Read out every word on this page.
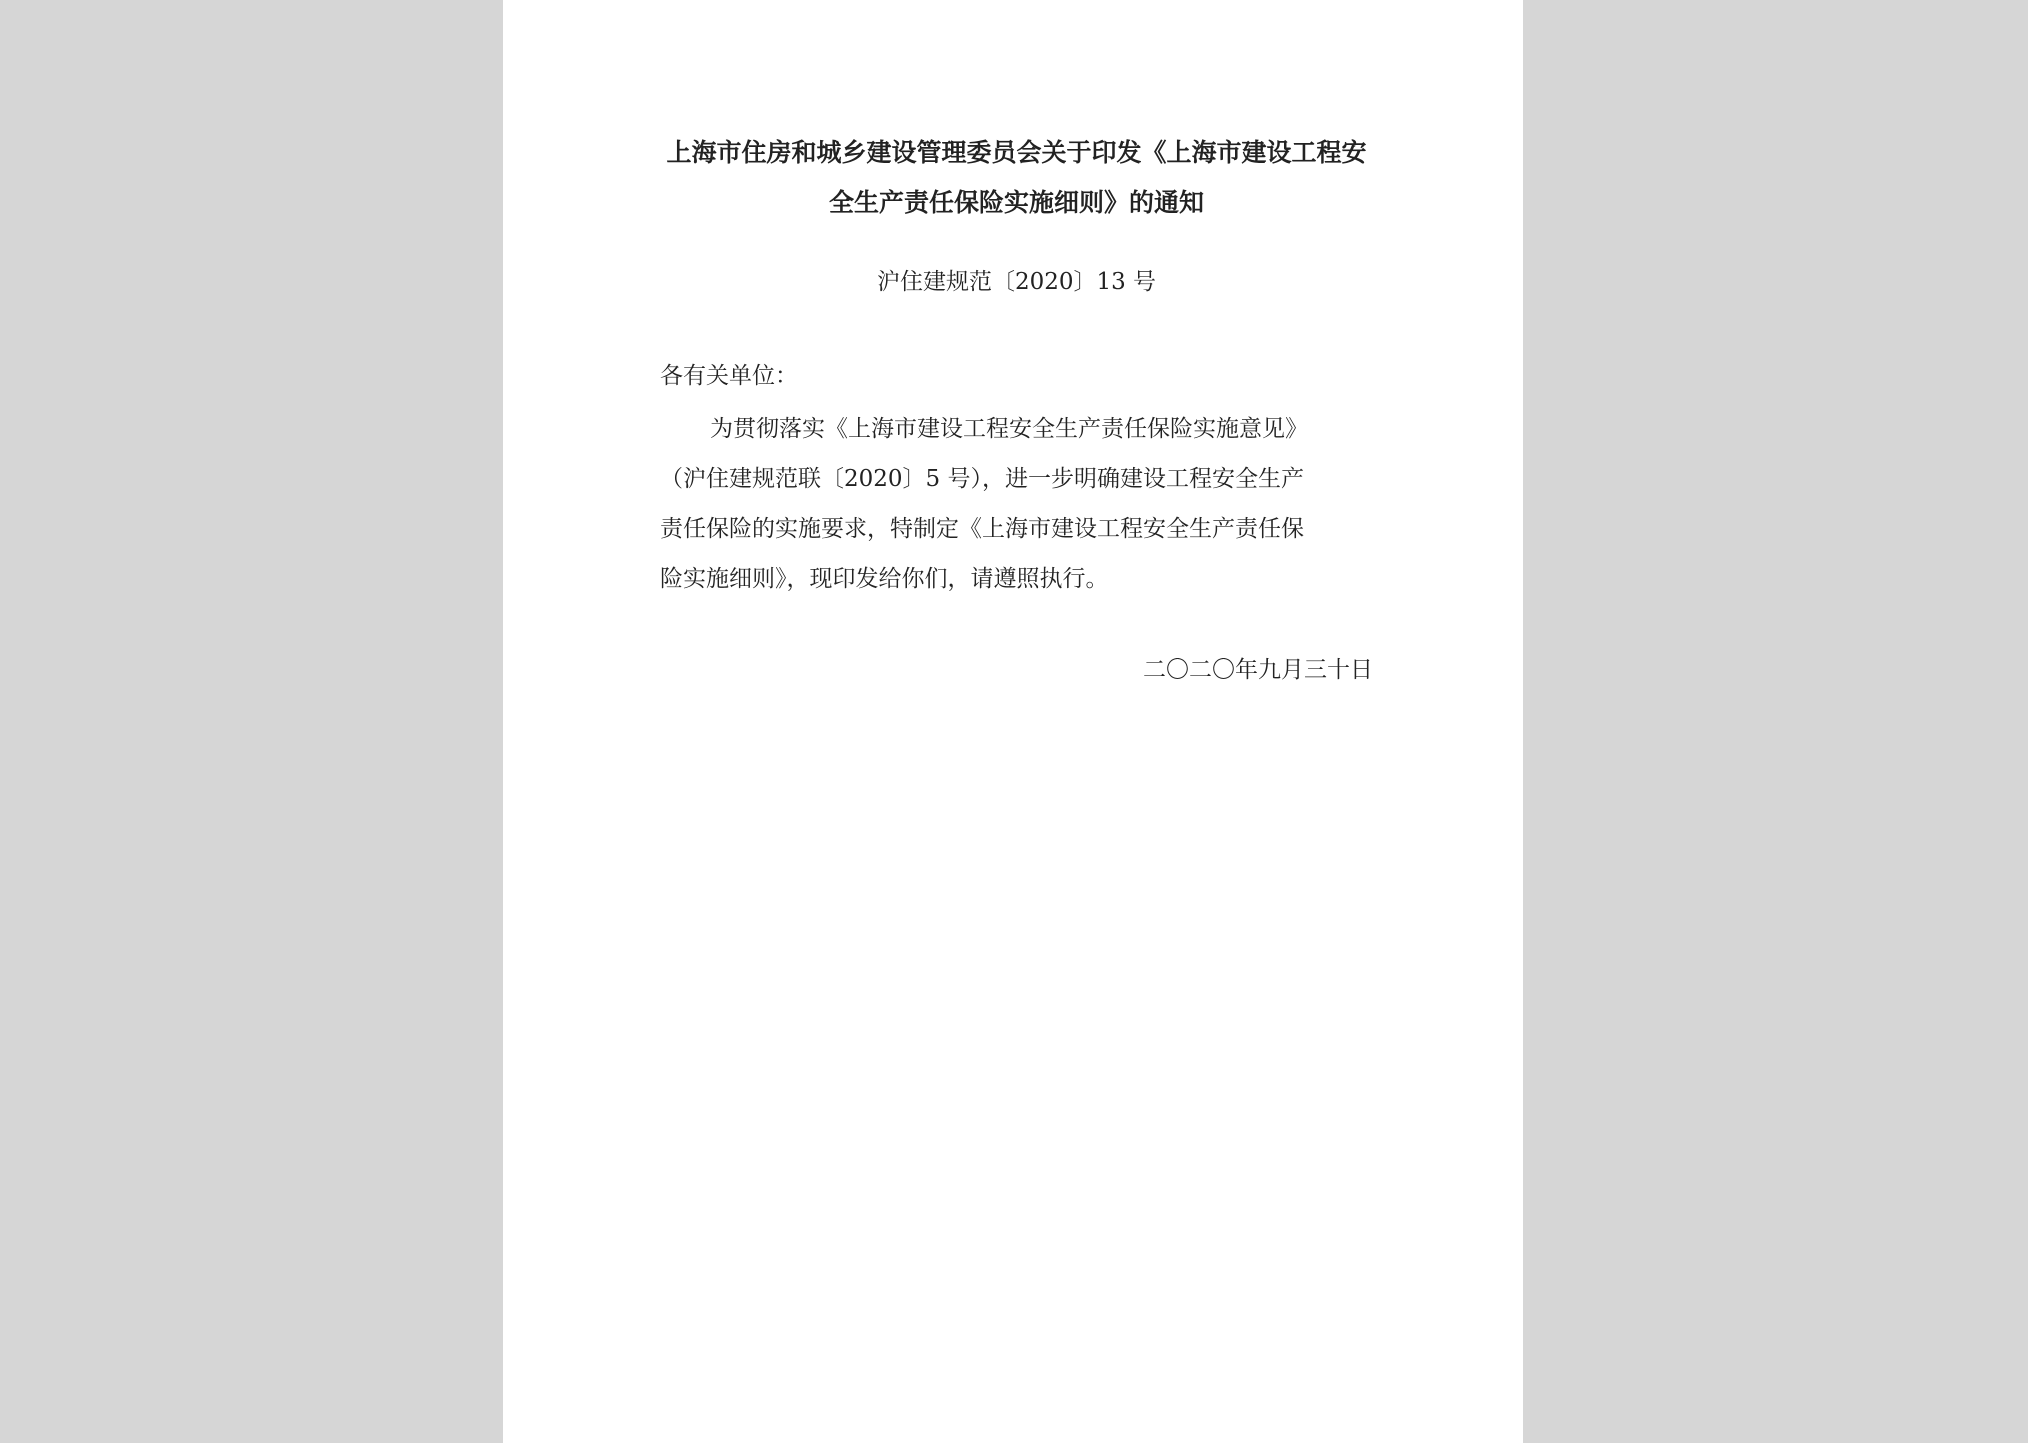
上海市住房和城乡建设管理委员会关于印发《上海市建设工程安
全生产责任保险实施细则》的通知
沪住建规范〔2020〕13 号
各有关单位：
为贯彻落实《上海市建设工程安全生产责任保险实施意见》
（沪住建规范联〔2020〕5 号），进一步明确建设工程安全生产
责任保险的实施要求，特制定《上海市建设工程安全生产责任保
险实施细则》，现印发给你们，请遵照执行。
二〇二〇年九月三十日
